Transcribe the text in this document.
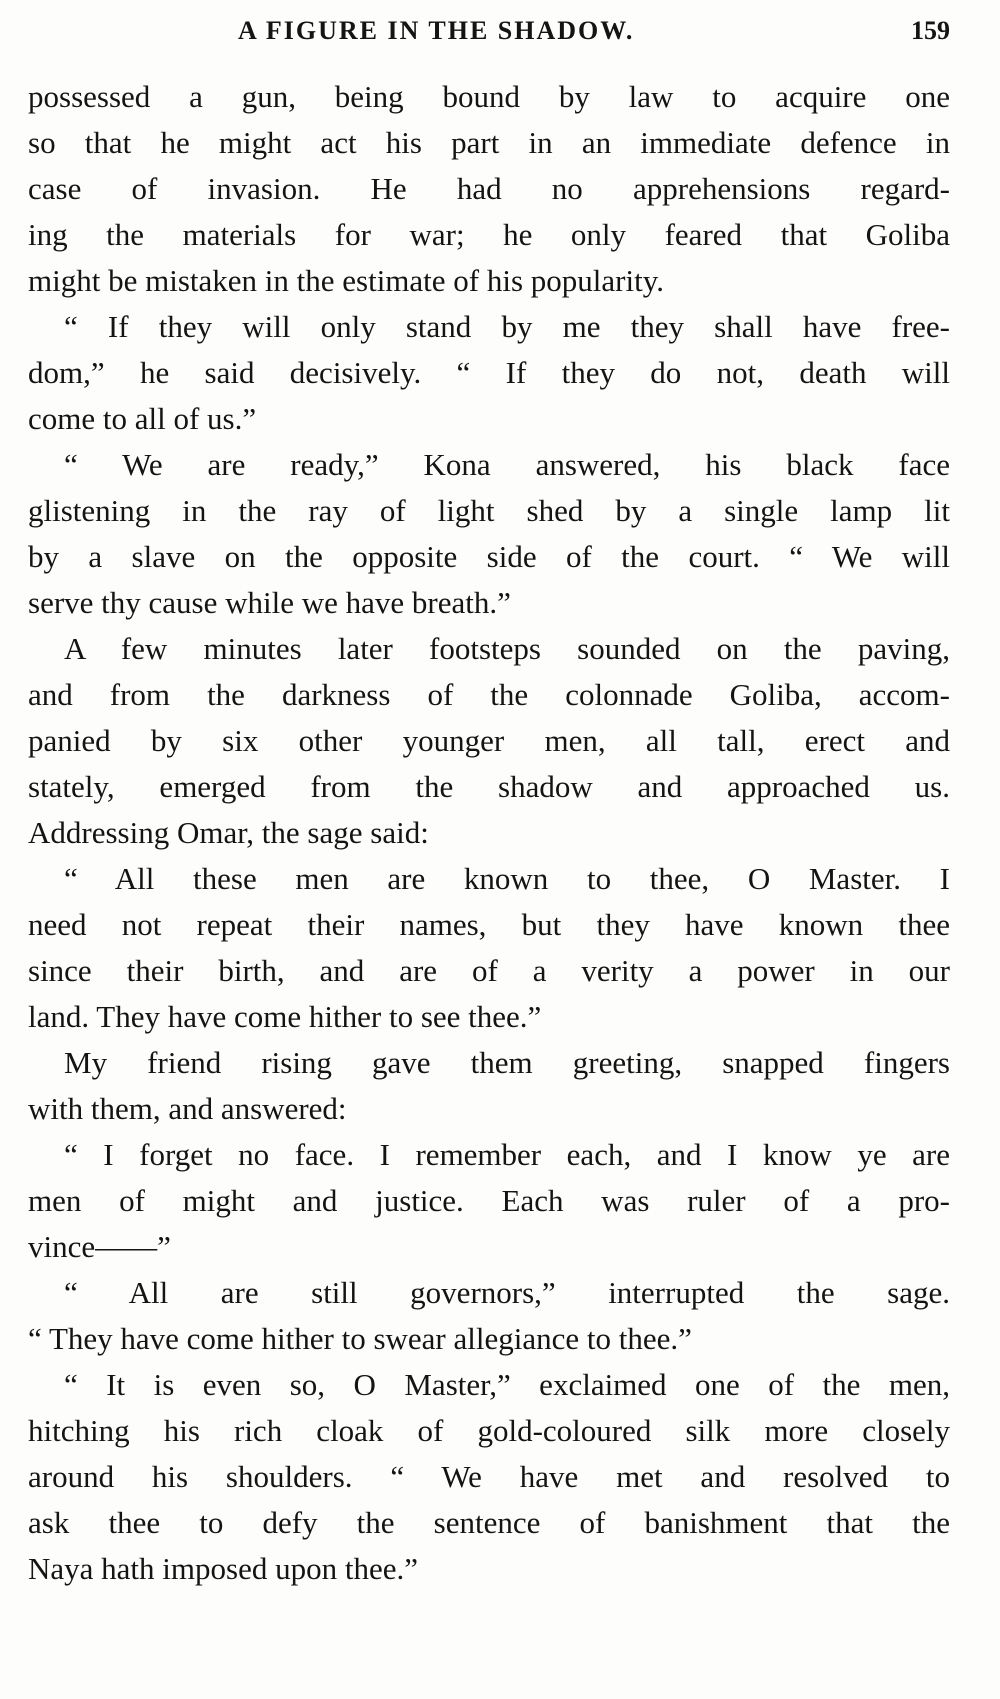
A FIGURE IN THE SHADOW.	159
possessed a gun, being bound by law to acquire one
so that he might act his part in an immediate defence in
case of invasion. He had no apprehensions regard-
ing the materials for war; he only feared that Goliba
might be mistaken in the estimate of his popularity.
“ If they will only stand by me they shall have free-
dom,” he said decisively. “ If they do not, death will
come to all of us.”
“ We are ready,” Kona answered, his black face
glistening in the ray of light shed by a single lamp lit
by a slave on the opposite side of the court. “ We will
serve thy cause while we have breath.”
A few minutes later footsteps sounded on the paving,
and from the darkness of the colonnade Goliba, accom-
panied by six other younger men, all tall, erect and
stately, emerged from the shadow and approached us.
Addressing Omar, the sage said:
“ All these men are known to thee, O Master. I
need not repeat their names, but they have known thee
since their birth, and are of a verity a power in our
land. They have come hither to see thee.”
My friend rising gave them greeting, snapped fingers
with them, and answered:
“ I forget no face. I remember each, and I know ye are
men of might and justice. Each was ruler of a pro-
vince——”
“ All are still governors,” interrupted the sage.
“ They have come hither to swear allegiance to thee.”
“ It is even so, O Master,” exclaimed one of the men,
hitching his rich cloak of gold-coloured silk more closely
around his shoulders. “ We have met and resolved to
ask thee to defy the sentence of banishment that the
Naya hath imposed upon thee.”
